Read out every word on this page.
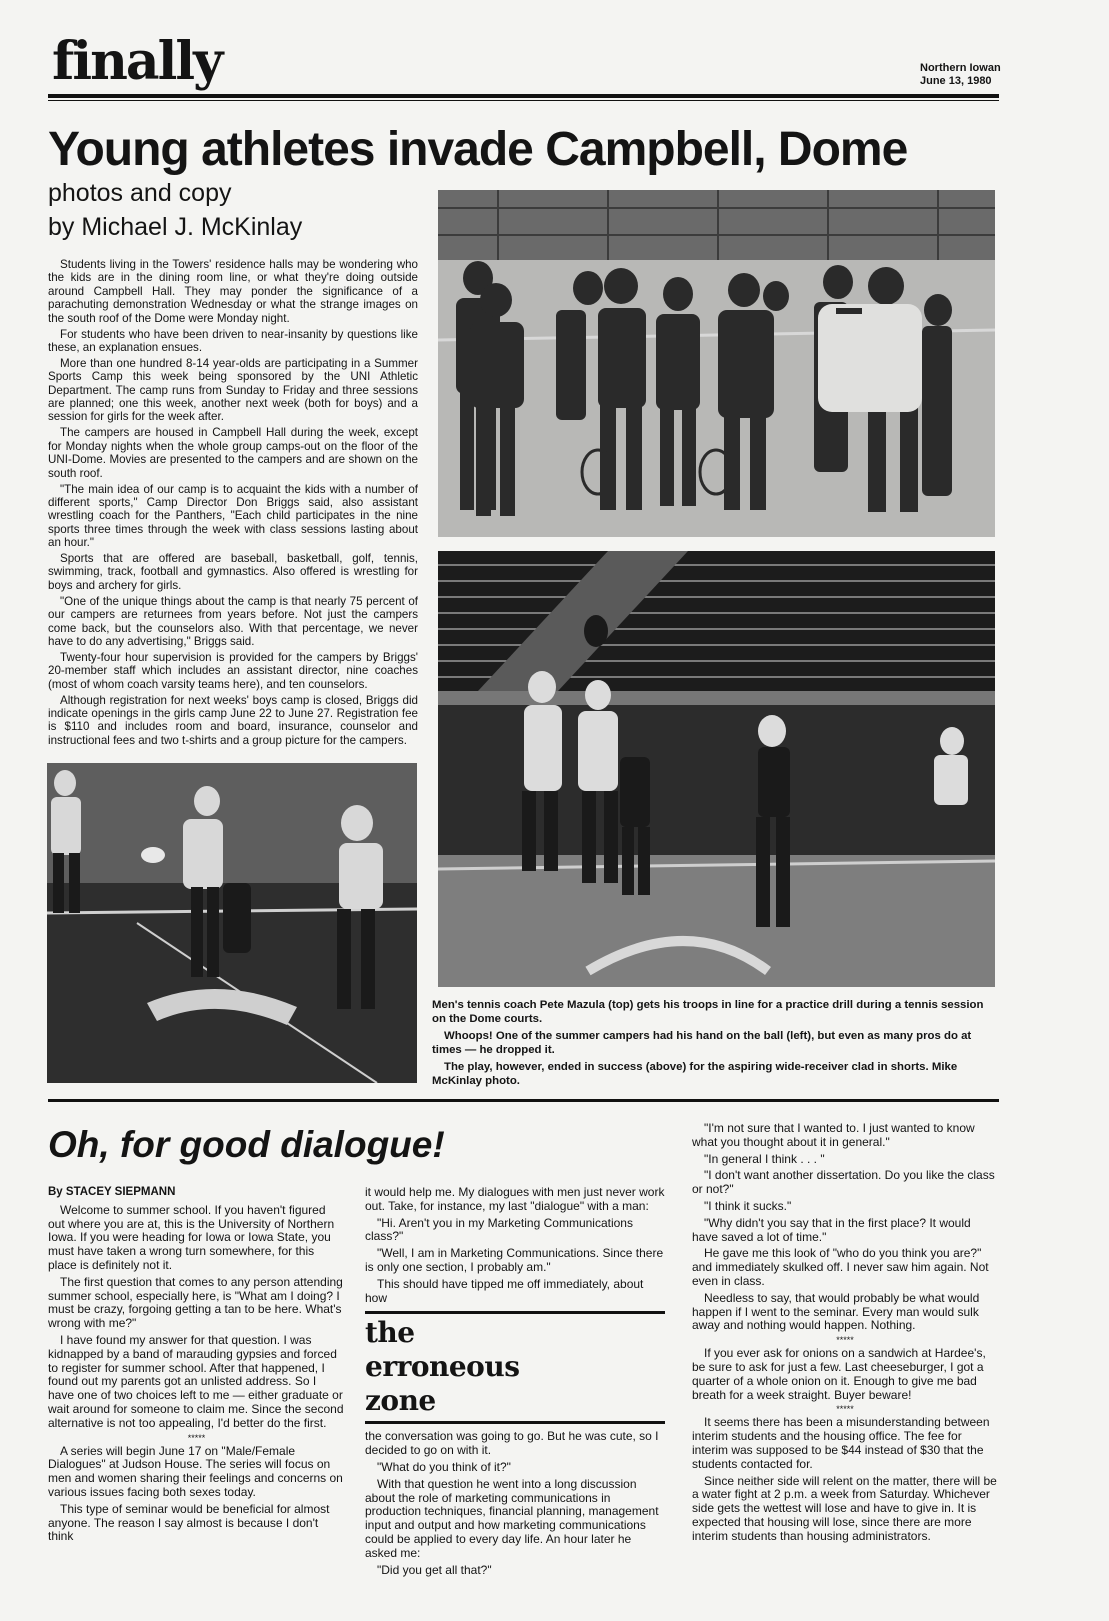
finally	Northern Iowan
June 13, 1980
Young athletes invade Campbell, Dome
photos and copy
by Michael J. McKinlay

Students living in the Towers' residence halls may be wondering who the kids are in the dining room line, or what they're doing outside around Campbell Hall. They may ponder the significance of a parachuting demonstration Wednesday or what the strange images on the south roof of the Dome were Monday night.

For students who have been driven to near-insanity by questions like these, an explanation ensues.

More than one hundred 8-14 year-olds are participating in a Summer Sports Camp this week being sponsored by the UNI Athletic Department. The camp runs from Sunday to Friday and three sessions are planned; one this week, another next week (both for boys) and a session for girls for the week after.

The campers are housed in Campbell Hall during the week, except for Monday nights when the whole group camps-out on the floor of the UNI-Dome. Movies are presented to the campers and are shown on the south roof.

"The main idea of our camp is to acquaint the kids with a number of different sports," Camp Director Don Briggs said, also assistant wrestling coach for the Panthers, "Each child participates in the nine sports three times through the week with class sessions lasting about an hour."

Sports that are offered are baseball, basketball, golf, tennis, swimming, track, football and gymnastics. Also offered is wrestling for boys and archery for girls.

"One of the unique things about the camp is that nearly 75 percent of our campers are returnees from years before. Not just the campers come back, but the counselors also. With that percentage, we never have to do any advertising," Briggs said.

Twenty-four hour supervision is provided for the campers by Briggs' 20-member staff which includes an assistant director, nine coaches (most of whom coach varsity teams here), and ten counselors.

Although registration for next weeks' boys camp is closed, Briggs did indicate openings in the girls camp June 22 to June 27. Registration fee is $110 and includes room and board, insurance, counselor and instructional fees and two t-shirts and a group picture for the campers.

Men's tennis coach Pete Mazula (top) gets his troops in line for a practice drill during a tennis session on the Dome courts.

Whoops! One of the summer campers had his hand on the ball (left), but even as many pros do at times — he dropped it.

The play, however, ended in success (above) for the aspiring wide-receiver clad in shorts. Mike McKinlay photo.

Oh, for good dialogue!

By STACEY SIEPMANN

Welcome to summer school. If you haven't figured out where you are at, this is the University of Northern Iowa. If you were heading for Iowa or Iowa State, you must have taken a wrong turn somewhere, for this place is definitely not it.

The first question that comes to any person attending summer school, especially here, is "What am I doing? I must be crazy, forgoing getting a tan to be here. What's wrong with me?"

I have found my answer for that question. I was kidnapped by a band of marauding gypsies and forced to register for summer school. After that happened, I found out my parents got an unlisted address. So I have one of two choices left to me — either graduate or wait around for someone to claim me. Since the second alternative is not too appealing, I'd better do the first.

*****

A series will begin June 17 on "Male/Female Dialogues" at Judson House. The series will focus on men and women sharing their feelings and concerns on various issues facing both sexes today.

This type of seminar would be beneficial for almost anyone. The reason I say almost is because I don't think

it would help me. My dialogues with men just never work out. Take, for instance, my last "dialogue" with a man:

"Hi. Aren't you in my Marketing Communications class?"

"Well, I am in Marketing Communications. Since there is only one section, I probably am."

This should have tipped me off immediately, about how

the
erroneous
zone

the conversation was going to go. But he was cute, so I decided to go on with it.

"What do you think of it?"

With that question he went into a long discussion about the role of marketing communications in production techniques, financial planning, management input and output and how marketing communications could be applied to every day life. An hour later he asked me:

"Did you get all that?"

"I'm not sure that I wanted to. I just wanted to know what you thought about it in general."

"In general I think . . . "

"I don't want another dissertation. Do you like the class or not?"

"I think it sucks."

"Why didn't you say that in the first place? It would have saved a lot of time."

He gave me this look of "who do you think you are?" and immediately skulked off. I never saw him again. Not even in class.

Needless to say, that would probably be what would happen if I went to the seminar. Every man would sulk away and nothing would happen. Nothing.

*****

If you ever ask for onions on a sandwich at Hardee's, be sure to ask for just a few. Last cheeseburger, I got a quarter of a whole onion on it. Enough to give me bad breath for a week straight. Buyer beware!

*****

It seems there has been a misunderstanding between interim students and the housing office. The fee for interim was supposed to be $44 instead of $30 that the students contacted for.

Since neither side will relent on the matter, there will be a water fight at 2 p.m. a week from Saturday. Whichever side gets the wettest will lose and have to give in. It is expected that housing will lose, since there are more interim students than housing administrators.
